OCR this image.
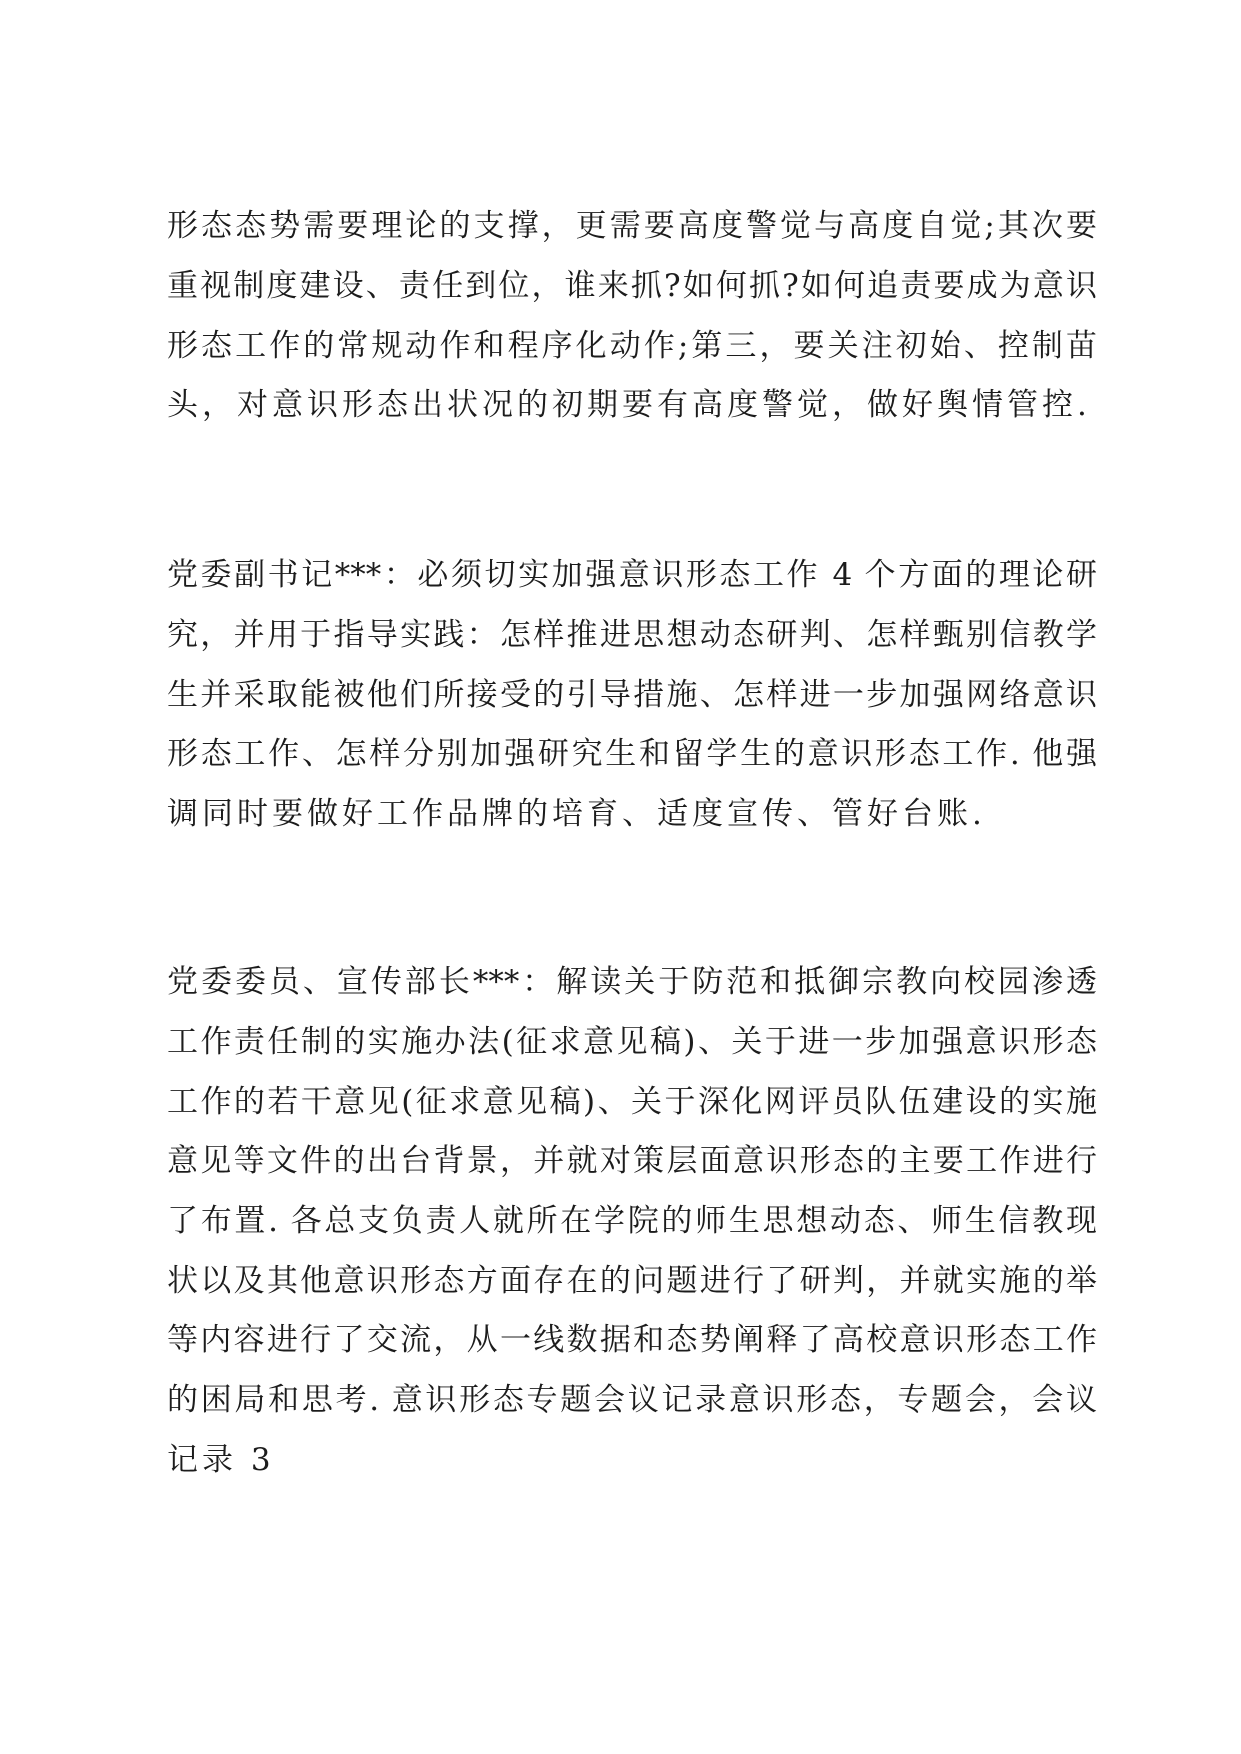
形态态势需要理论的支撑，更需要高度警觉与高度自觉;其次要
重视制度建设、责任到位，谁来抓?如何抓?如何追责要成为意识
形态工作的常规动作和程序化动作;第三，要关注初始、控制苗
头，对意识形态出状况的初期要有高度警觉，做好舆情管控.
党委副书记***：必须切实加强意识形态工作 4 个方面的理论研
究，并用于指导实践：怎样推进思想动态研判、怎样甄别信教学
生并采取能被他们所接受的引导措施、怎样进一步加强网络意识
形态工作、怎样分别加强研究生和留学生的意识形态工作. 他强
调同时要做好工作品牌的培育、适度宣传、管好台账.
党委委员、宣传部长***：解读关于防范和抵御宗教向校园渗透
工作责任制的实施办法(征求意见稿)、关于进一步加强意识形态
工作的若干意见(征求意见稿)、关于深化网评员队伍建设的实施
意见等文件的出台背景，并就对策层面意识形态的主要工作进行
了布置. 各总支负责人就所在学院的师生思想动态、师生信教现
状以及其他意识形态方面存在的问题进行了研判，并就实施的举
等内容进行了交流，从一线数据和态势阐释了高校意识形态工作
的困局和思考. 意识形态专题会议记录意识形态，专题会，会议
记录 3
